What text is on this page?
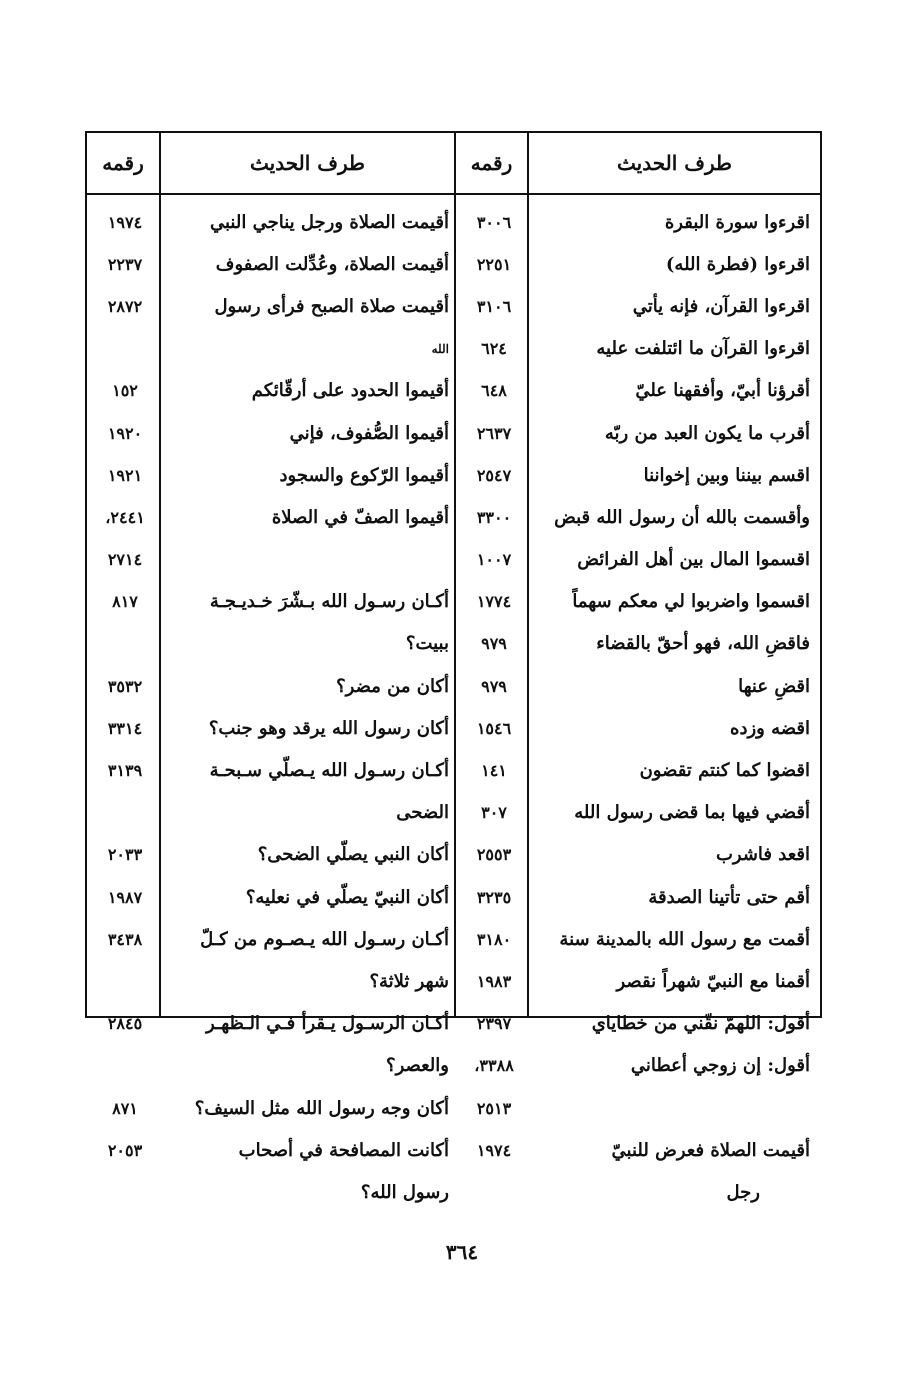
طرف الحديث
رقمه
طرف الحديث
رقمه
اقرءوا سورة البقرة
٣٠٠٦
أقيمت الصلاة ورجل يناجي النبي
١٩٧٤
اقرءوا (فطرة الله)
٢٢٥١
أقيمت الصلاة، وعُدِّلت الصفوف
٢٢٣٧
اقرءوا القرآن، فإنه يأتي
٣١٠٦
أقيمت صلاة الصبح فرأى رسول
٢٨٧٢
اقرءوا القرآن ما ائتلفت عليه
٦٢٤
الله
أقرؤنا أبيّ، وأفقهنا عليّ
٦٤٨
أقيموا الحدود على أرقّائكم
١٥٢
أقرب ما يكون العبد من ربّه
٢٦٣٧
أقيموا الصُّفوف، فإني
١٩٢٠
اقسم بيننا وبين إخواننا
٢٥٤٧
أقيموا الرّكوع والسجود
١٩٢١
وأقسمت بالله أن رسول الله قبض
٣٣٠٠
أقيموا الصفّ في الصلاة
٢٤٤١،
اقسموا المال بين أهل الفرائض
١٠٠٧
٢٧١٤
اقسموا واضربوا لي معكم سهماً
١٧٧٤
أكـان رسـول الله بـشّرَ خـديـجـة
٨١٧
فاقضِ الله، فهو أحقّ بالقضاء
٩٧٩
ببيت؟
اقضِ عنها
٩٧٩
أكان من مضر؟
٣٥٣٢
اقضه وزده
١٥٤٦
أكان رسول الله يرقد وهو جنب؟
٣٣١٤
اقضوا كما كنتم تقضون
١٤١
أكـان رسـول الله يـصلّي سـبحـة
٣١٣٩
أقضي فيها بما قضى رسول الله
٣٠٧
الضحى
اقعد فاشرب
٢٥٥٣
أكان النبي يصلّي الضحى؟
٢٠٣٣
أقم حتى تأتينا الصدقة
٣٢٣٥
أكان النبيّ يصلّي في نعليه؟
١٩٨٧
أقمت مع رسول الله بالمدينة سنة
٣١٨٠
أكـان رسـول الله يـصـوم من كـلّ
٣٤٣٨
أقمنا مع النبيّ شهراً نقصر
١٩٨٣
شهر ثلاثة؟
أقول: اللهمّ نقّني من خطاياي
٢٣٩٧
أكـان الرسـول يـقرأ فـي الـظهـر
٢٨٤٥
أقول: إن زوجي أعطاني
٣٣٨٨،
والعصر؟
٢٥١٣
أكان وجه رسول الله مثل السيف؟
٨٧١
أقيمت الصلاة فعرض للنبيّ
١٩٧٤
أكانت المصافحة في أصحاب
٢٠٥٣
رجل
رسول الله؟
٣٦٤
